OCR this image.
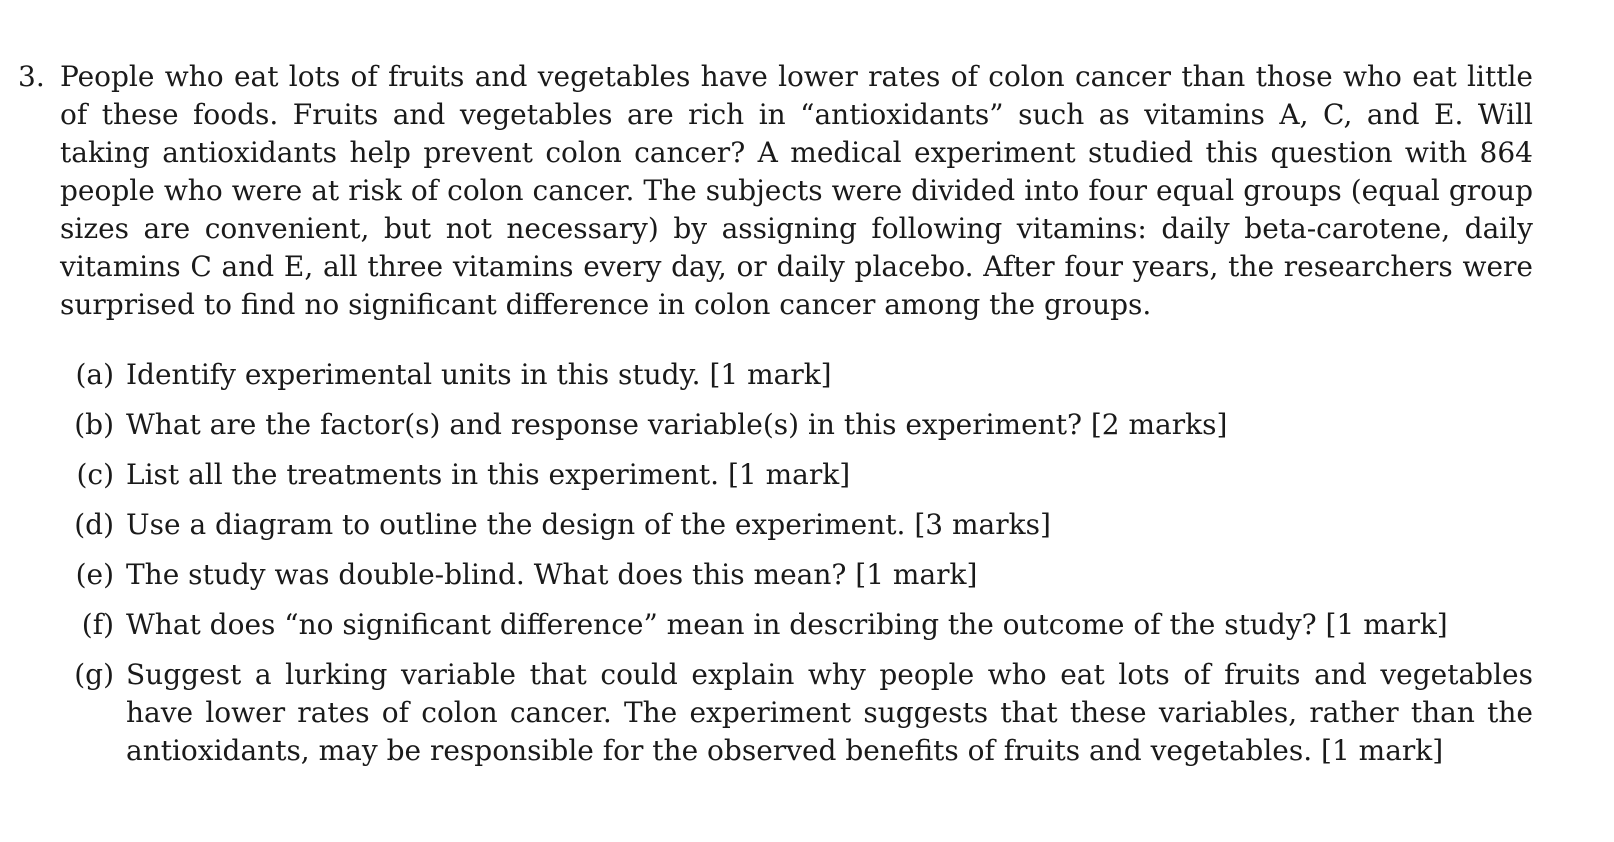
3. People who eat lots of fruits and vegetables have lower rates of colon cancer than those who eat little of these foods. Fruits and vegetables are rich in “antioxidants” such as vitamins A, C, and E. Will taking antioxidants help prevent colon cancer? A medical experiment studied this question with 864 people who were at risk of colon cancer. The subjects were divided into four equal groups (equal group sizes are convenient, but not necessary) by assigning following vitamins: daily beta-carotene, daily vitamins C and E, all three vitamins every day, or daily placebo. After four years, the researchers were surprised to find no significant difference in colon cancer among the groups.
(a) Identify experimental units in this study. [1 mark]
(b) What are the factor(s) and response variable(s) in this experiment? [2 marks]
(c) List all the treatments in this experiment. [1 mark]
(d) Use a diagram to outline the design of the experiment. [3 marks]
(e) The study was double-blind. What does this mean? [1 mark]
(f) What does “no significant difference” mean in describing the outcome of the study? [1 mark]
(g) Suggest a lurking variable that could explain why people who eat lots of fruits and vegetables have lower rates of colon cancer. The experiment suggests that these variables, rather than the antioxidants, may be responsible for the observed benefits of fruits and vegetables. [1 mark]
